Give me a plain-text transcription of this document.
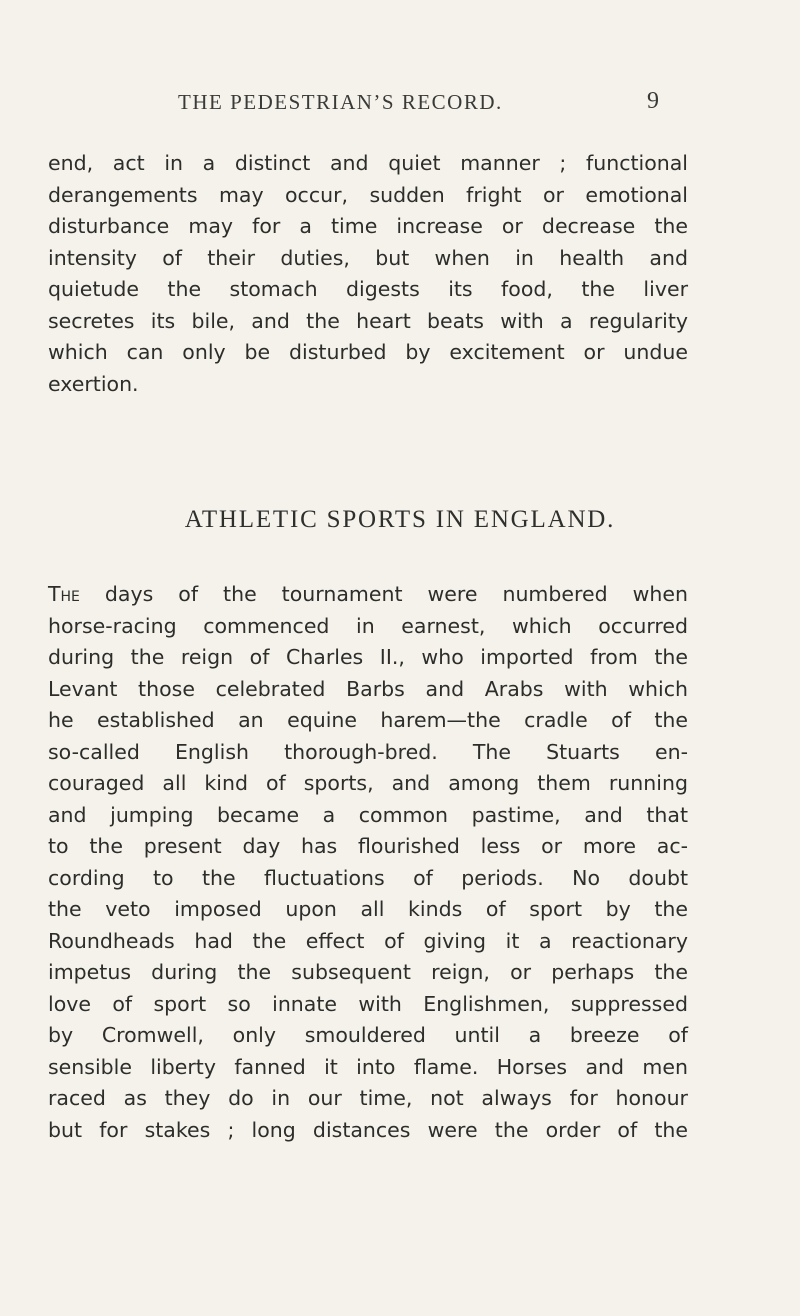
THE PEDESTRIAN’S RECORD.	9
end, act in a distinct and quiet manner ; functional
derangements may occur, sudden fright or emotional
disturbance may for a time increase or decrease the
intensity of their duties, but when in health and
quietude the stomach digests its food, the liver
secretes its bile, and the heart beats with a regularity
which can only be disturbed by excitement or undue
exertion.
ATHLETIC SPORTS IN ENGLAND.
The days of the tournament were numbered when
horse-racing commenced in earnest, which occurred
during the reign of Charles II., who imported from the
Levant those celebrated Barbs and Arabs with which
he established an equine harem—the cradle of the
so-called English thorough-bred. The Stuarts en-
couraged all kind of sports, and among them running
and jumping became a common pastime, and that
to the present day has flourished less or more ac-
cording to the fluctuations of periods. No doubt
the veto imposed upon all kinds of sport by the
Roundheads had the effect of giving it a reactionary
impetus during the subsequent reign, or perhaps the
love of sport so innate with Englishmen, suppressed
by Cromwell, only smouldered until a breeze of
sensible liberty fanned it into flame. Horses and men
raced as they do in our time, not always for honour
but for stakes ; long distances were the order of the
